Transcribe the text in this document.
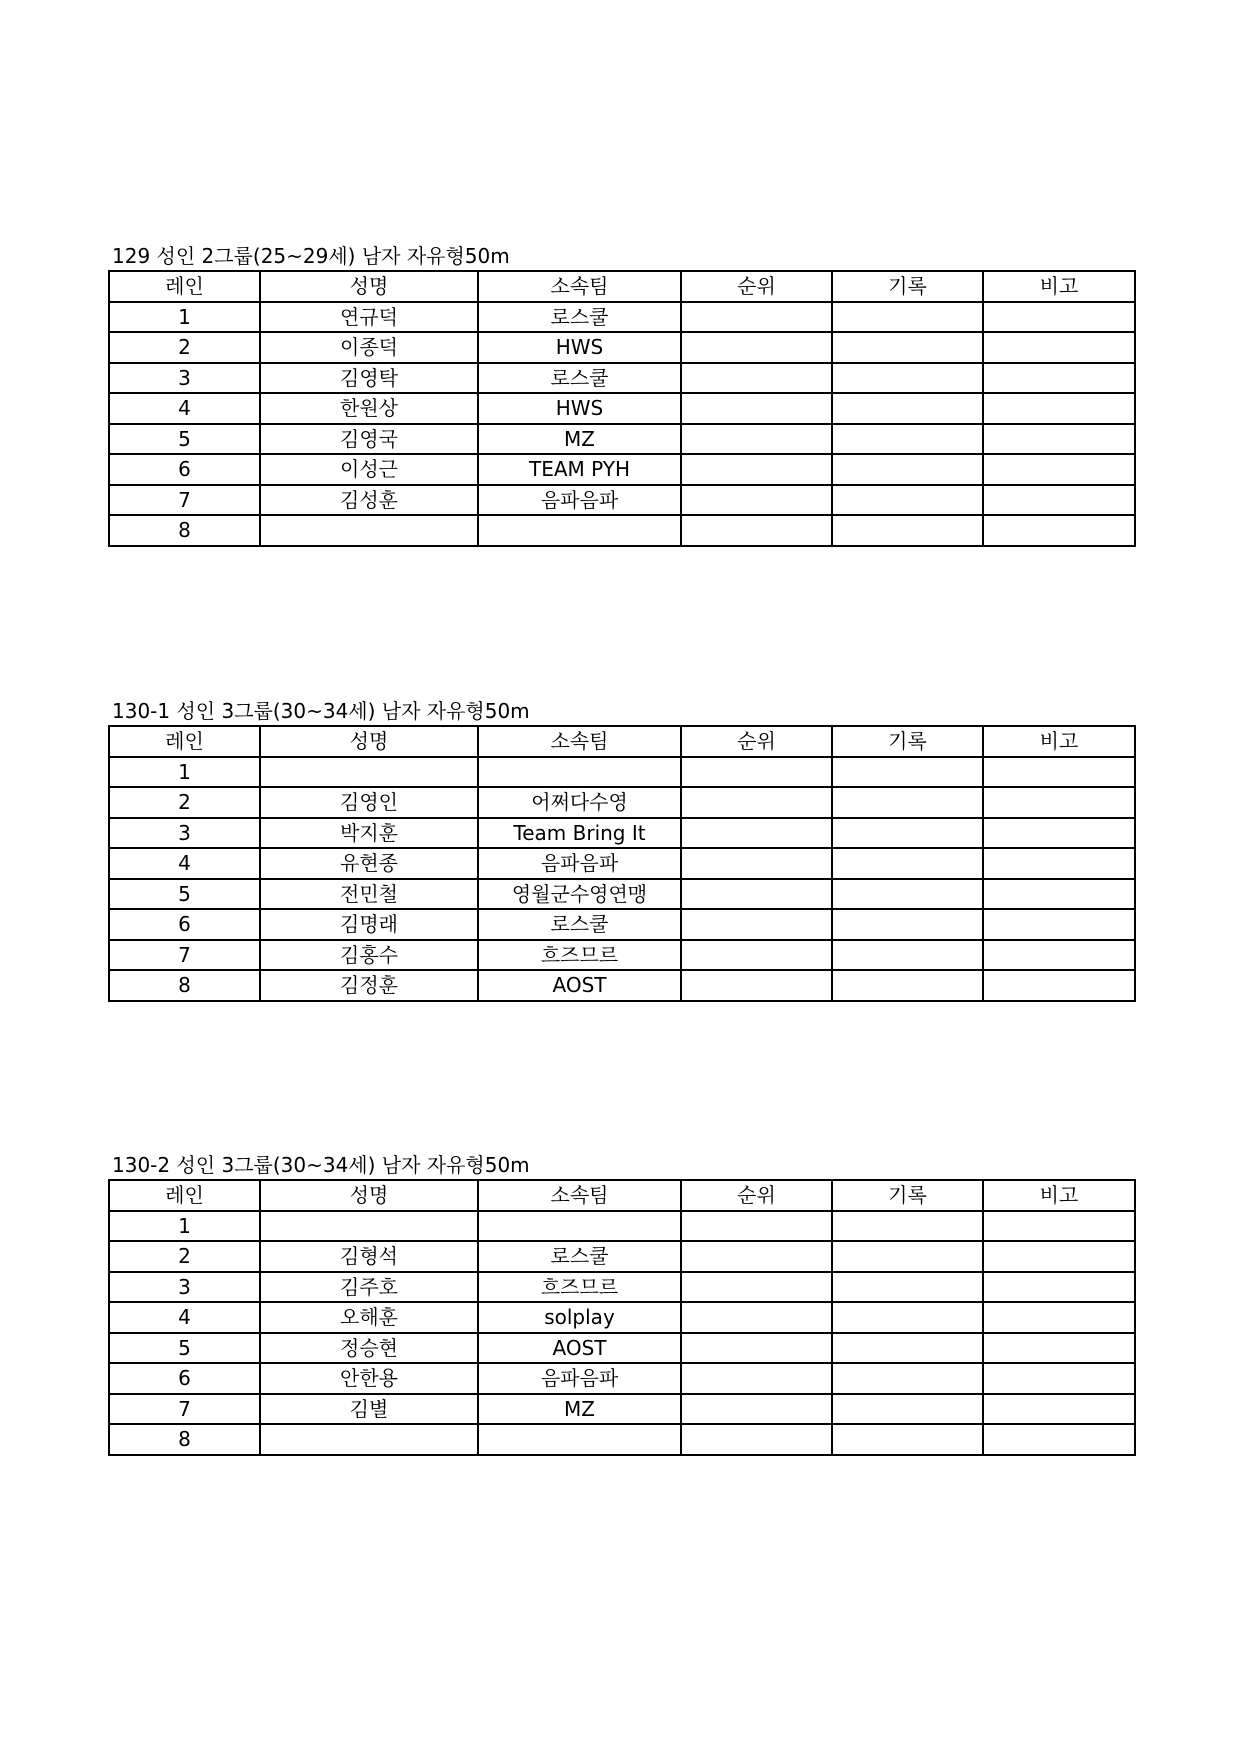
129 성인 2그룹(25~29세) 남자 자유형50m
레인	성명	소속팀	순위	기록	비고
1	연규덕	로스쿨			
2	이종덕	HWS			
3	김영탁	로스쿨			
4	한원상	HWS			
5	김영국	MZ			
6	이성근	TEAM PYH			
7	김성훈	음파음파			
8					
130-1 성인 3그룹(30~34세) 남자 자유형50m
레인	성명	소속팀	순위	기록	비고
1					
2	김영인	어쩌다수영			
3	박지훈	Team Bring It			
4	유현종	음파음파			
5	전민철	영월군수영연맹			
6	김명래	로스쿨			
7	김홍수	흐즈므르			
8	김정훈	AOST			
130-2 성인 3그룹(30~34세) 남자 자유형50m
레인	성명	소속팀	순위	기록	비고
1					
2	김형석	로스쿨			
3	김주호	흐즈므르			
4	오해훈	solplay			
5	정승현	AOST			
6	안한용	음파음파			
7	김별	MZ			
8					
